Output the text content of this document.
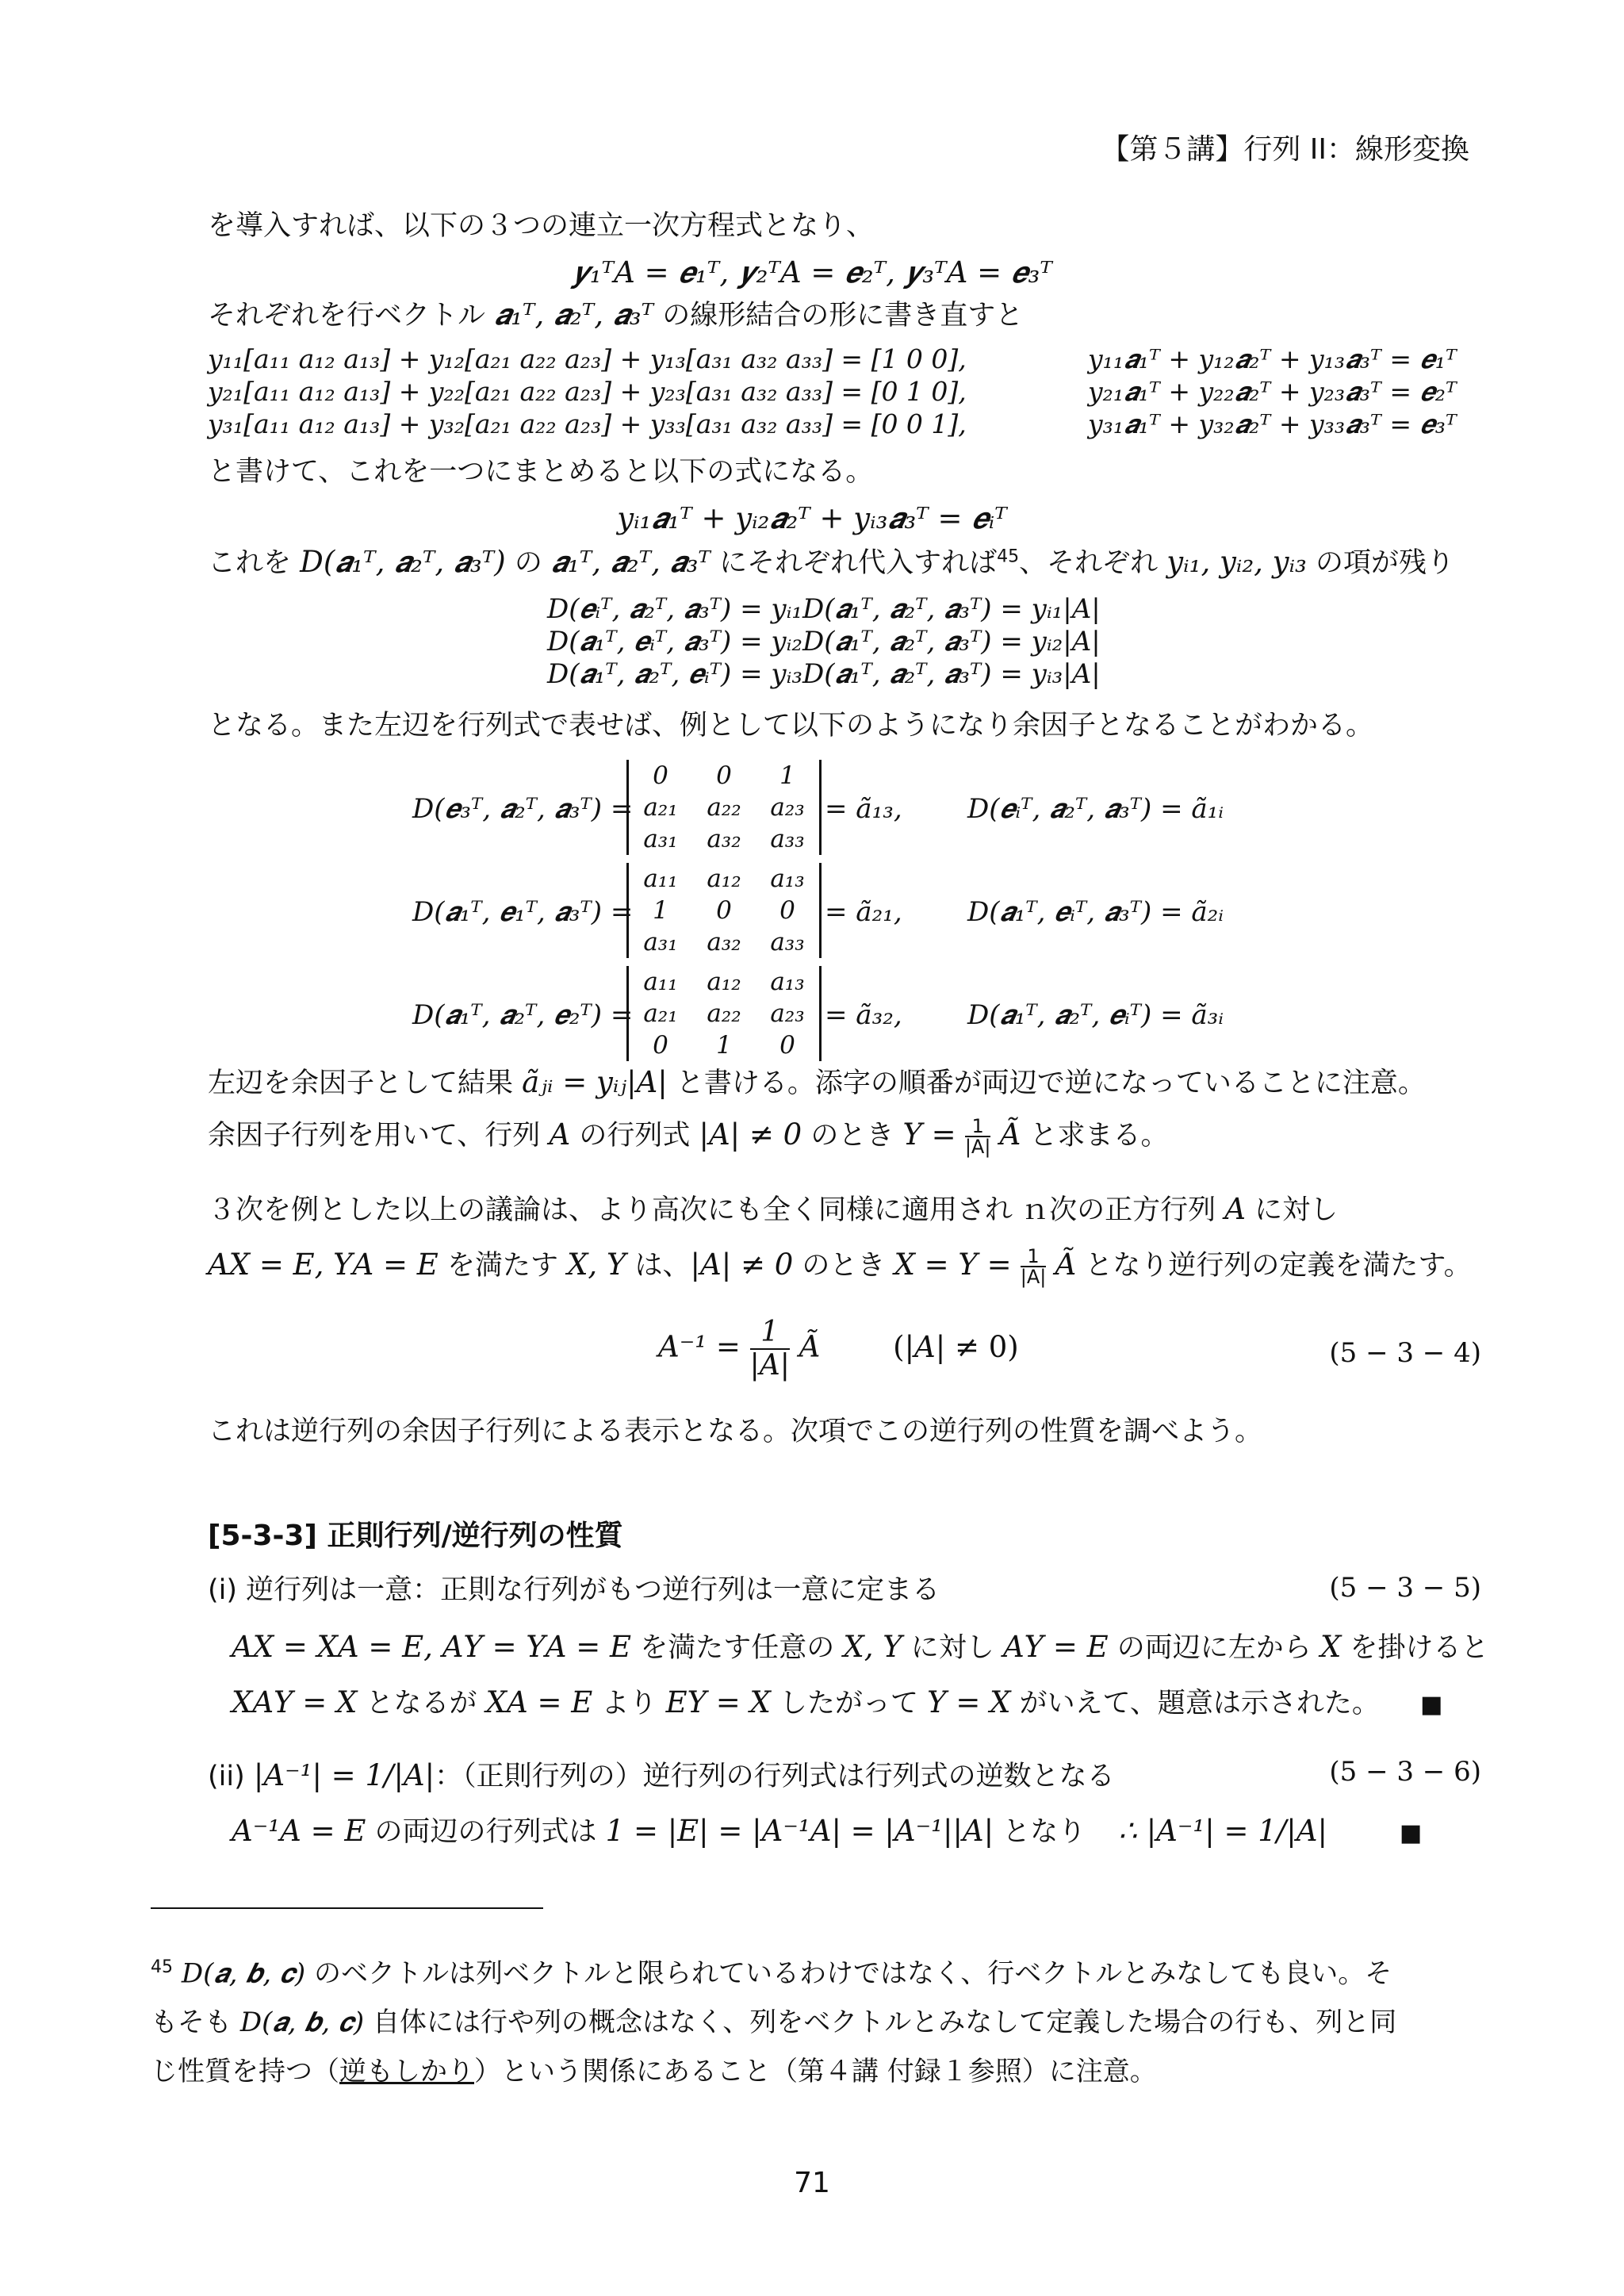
【第５講】行列 II：線形変換
を導入すれば、以下の３つの連立一次方程式となり、
𝒚₁ᵀ𝐴 = 𝒆₁ᵀ, 𝒚₂ᵀ𝐴 = 𝒆₂ᵀ, 𝒚₃ᵀ𝐴 = 𝒆₃ᵀ
それぞれを行ベクトル 𝒂₁ᵀ, 𝒂₂ᵀ, 𝒂₃ᵀ の線形結合の形に書き直すと
y₁₁[a₁₁ a₁₂ a₁₃] + y₁₂[a₂₁ a₂₂ a₂₃] + y₁₃[a₃₁ a₃₂ a₃₃] = [1 0 0],	y₁₁𝒂₁ᵀ + y₁₂𝒂₂ᵀ + y₁₃𝒂₃ᵀ = 𝒆₁ᵀ
y₂₁[a₁₁ a₁₂ a₁₃] + y₂₂[a₂₁ a₂₂ a₂₃] + y₂₃[a₃₁ a₃₂ a₃₃] = [0 1 0],	y₂₁𝒂₁ᵀ + y₂₂𝒂₂ᵀ + y₂₃𝒂₃ᵀ = 𝒆₂ᵀ
y₃₁[a₁₁ a₁₂ a₁₃] + y₃₂[a₂₁ a₂₂ a₂₃] + y₃₃[a₃₁ a₃₂ a₃₃] = [0 0 1],	y₃₁𝒂₁ᵀ + y₃₂𝒂₂ᵀ + y₃₃𝒂₃ᵀ = 𝒆₃ᵀ
と書けて、これを一つにまとめると以下の式になる。
yᵢ₁𝒂₁ᵀ + yᵢ₂𝒂₂ᵀ + yᵢ₃𝒂₃ᵀ = 𝒆ᵢᵀ
これを 𝐷(𝒂₁ᵀ, 𝒂₂ᵀ, 𝒂₃ᵀ) の 𝒂₁ᵀ, 𝒂₂ᵀ, 𝒂₃ᵀ にそれぞれ代入すれば$^{45}$、それぞれ yᵢ₁, yᵢ₂, yᵢ₃ の項が残り
𝐷(𝒆ᵢᵀ, 𝒂₂ᵀ, 𝒂₃ᵀ) = yᵢ₁𝐷(𝒂₁ᵀ, 𝒂₂ᵀ, 𝒂₃ᵀ) = yᵢ₁|𝐴|
𝐷(𝒂₁ᵀ, 𝒆ᵢᵀ, 𝒂₃ᵀ) = yᵢ₂𝐷(𝒂₁ᵀ, 𝒂₂ᵀ, 𝒂₃ᵀ) = yᵢ₂|𝐴|
𝐷(𝒂₁ᵀ, 𝒂₂ᵀ, 𝒆ᵢᵀ) = yᵢ₃𝐷(𝒂₁ᵀ, 𝒂₂ᵀ, 𝒂₃ᵀ) = yᵢ₃|𝐴|
となる。また左辺を行列式で表せば、例として以下のようになり余因子となることがわかる。
𝐷(𝒆₃ᵀ, 𝒂₂ᵀ, 𝒂₃ᵀ) =
0 0 1
a₂₁ a₂₂ a₂₃
a₃₁ a₃₂ a₃₃
= ã₁₃, 𝐷(𝒆ᵢᵀ, 𝒂₂ᵀ, 𝒂₃ᵀ) = ã₁ᵢ
𝐷(𝒂₁ᵀ, 𝒆₁ᵀ, 𝒂₃ᵀ) =
a₁₁ a₁₂ a₁₃
1 0 0
a₃₁ a₃₂ a₃₃
= ã₂₁, 𝐷(𝒂₁ᵀ, 𝒆ᵢᵀ, 𝒂₃ᵀ) = ã₂ᵢ
𝐷(𝒂₁ᵀ, 𝒂₂ᵀ, 𝒆₂ᵀ) =
a₁₁ a₁₂ a₁₃
a₂₁ a₂₂ a₂₃
0 1 0
= ã₃₂, 𝐷(𝒂₁ᵀ, 𝒂₂ᵀ, 𝒆ᵢᵀ) = ã₃ᵢ
左辺を余因子として結果 ãⱼᵢ = yᵢⱼ|𝐴| と書ける。添字の順番が両辺で逆になっていることに注意。
余因子行列を用いて、行列 𝐴 の行列式 |𝐴| ≠ 0 のとき 𝑌 = $\frac{1}{|A|}$ Ã と求まる。
３次を例とした以上の議論は、より高次にも全く同様に適用され ｎ次の正方行列 𝐴 に対し
𝐴𝑋 = 𝐸, 𝑌𝐴 = 𝐸 を満たす 𝑋, 𝑌 は、|𝐴| ≠ 0 のとき 𝑋 = 𝑌 = $\frac{1}{|A|}$ Ã となり逆行列の定義を満たす。
𝐴⁻¹ = $\frac{1}{\text{|𝐴|}}$ Ã (|𝐴| ≠ 0)	(5 − 3 − 4)
これは逆行列の余因子行列による表示となる。次項でこの逆行列の性質を調べよう。
[5-3-3] 正則行列/逆行列の性質
(i) 逆行列は一意：正則な行列がもつ逆行列は一意に定まる	(5 − 3 − 5)
𝐴𝑋 = 𝑋𝐴 = 𝐸, 𝐴𝑌 = 𝑌𝐴 = 𝐸 を満たす任意の 𝑋, 𝑌 に対し 𝐴𝑌 = 𝐸 の両辺に左から 𝑋 を掛けると
𝑋𝐴𝑌 = 𝑋 となるが 𝑋𝐴 = 𝐸 より 𝐸𝑌 = 𝑋 したがって 𝑌 = 𝑋 がいえて、題意は示された。 ■
(ii) |𝐴⁻¹| = 1/|𝐴|：（正則行列の）逆行列の行列式は行列式の逆数となる	(5 − 3 − 6)
𝐴⁻¹𝐴 = 𝐸 の両辺の行列式は 1 = |𝐸| = |𝐴⁻¹𝐴| = |𝐴⁻¹||𝐴| となり ∴ |𝐴⁻¹| = 1/|𝐴|	■
$^{45}$ 𝐷(𝒂, 𝒃, 𝒄) のベクトルは列ベクトルと限られているわけではなく、行ベクトルとみなしても良い。そ
もそも 𝐷(𝒂, 𝒃, 𝒄) 自体には行や列の概念はなく、列をベクトルとみなして定義した場合の行も、列と同
じ性質を持つ（逆もしかり）という関係にあること（第４講 付録１参照）に注意。
71
